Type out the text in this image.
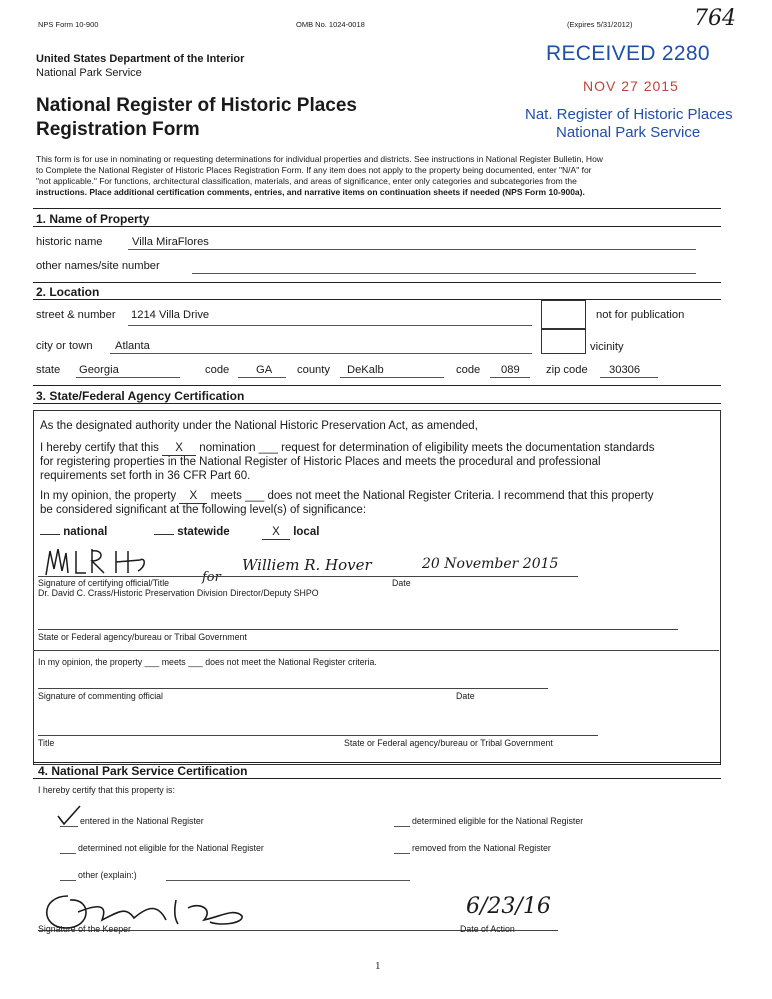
NPS Form 10-900	OMB No. 1024-0018	(Expires 5/31/2012)	764
United States Department of the Interior
National Park Service
National Register of Historic Places
Registration Form
RECEIVED 2280
NOV 27 2015
Nat. Register of Historic Places
National Park Service
This form is for use in nominating or requesting determinations for individual properties and districts. See instructions in National Register Bulletin, How
to Complete the National Register of Historic Places Registration Form. If any item does not apply to the property being documented, enter "N/A" for
"not applicable." For functions, architectural classification, materials, and areas of significance, enter only categories and subcategories from the
instructions. Place additional certification comments, entries, and narrative items on continuation sheets if needed (NPS Form 10-900a).
1. Name of Property
historic name	Villa MiraFlores
other names/site number
2. Location
street & number 1214 Villa Drive	not for publication
city or town Atlanta	vicinity
state Georgia	code GA county DeKalb	code 089 zip code 30306
3. State/Federal Agency Certification
As the designated authority under the National Historic Preservation Act, as amended,
I hereby certify that this X nomination ___ request for determination of eligibility meets the documentation standards
for registering properties in the National Register of Historic Places and meets the procedural and professional
requirements set forth in 36 CFR Part 60.
In my opinion, the property X meets ___ does not meet the National Register Criteria. I recommend that this property
be considered significant at the following level(s) of significance:
national	statewide	X local
Williem R. Hover
for
20 November 2015
Signature of certifying official/Title	Date
Dr. David C. Crass/Historic Preservation Division Director/Deputy SHPO
State or Federal agency/bureau or Tribal Government
In my opinion, the property ___ meets ___ does not meet the National Register criteria.
Signature of commenting official	Date
Title	State or Federal agency/bureau or Tribal Government
4. National Park Service Certification
I hereby certify that this property is:
entered in the National Register	determined eligible for the National Register
determined not eligible for the National Register	removed from the National Register
other (explain:)
6/23/16
Signature of the Keeper	Date of Action
1
